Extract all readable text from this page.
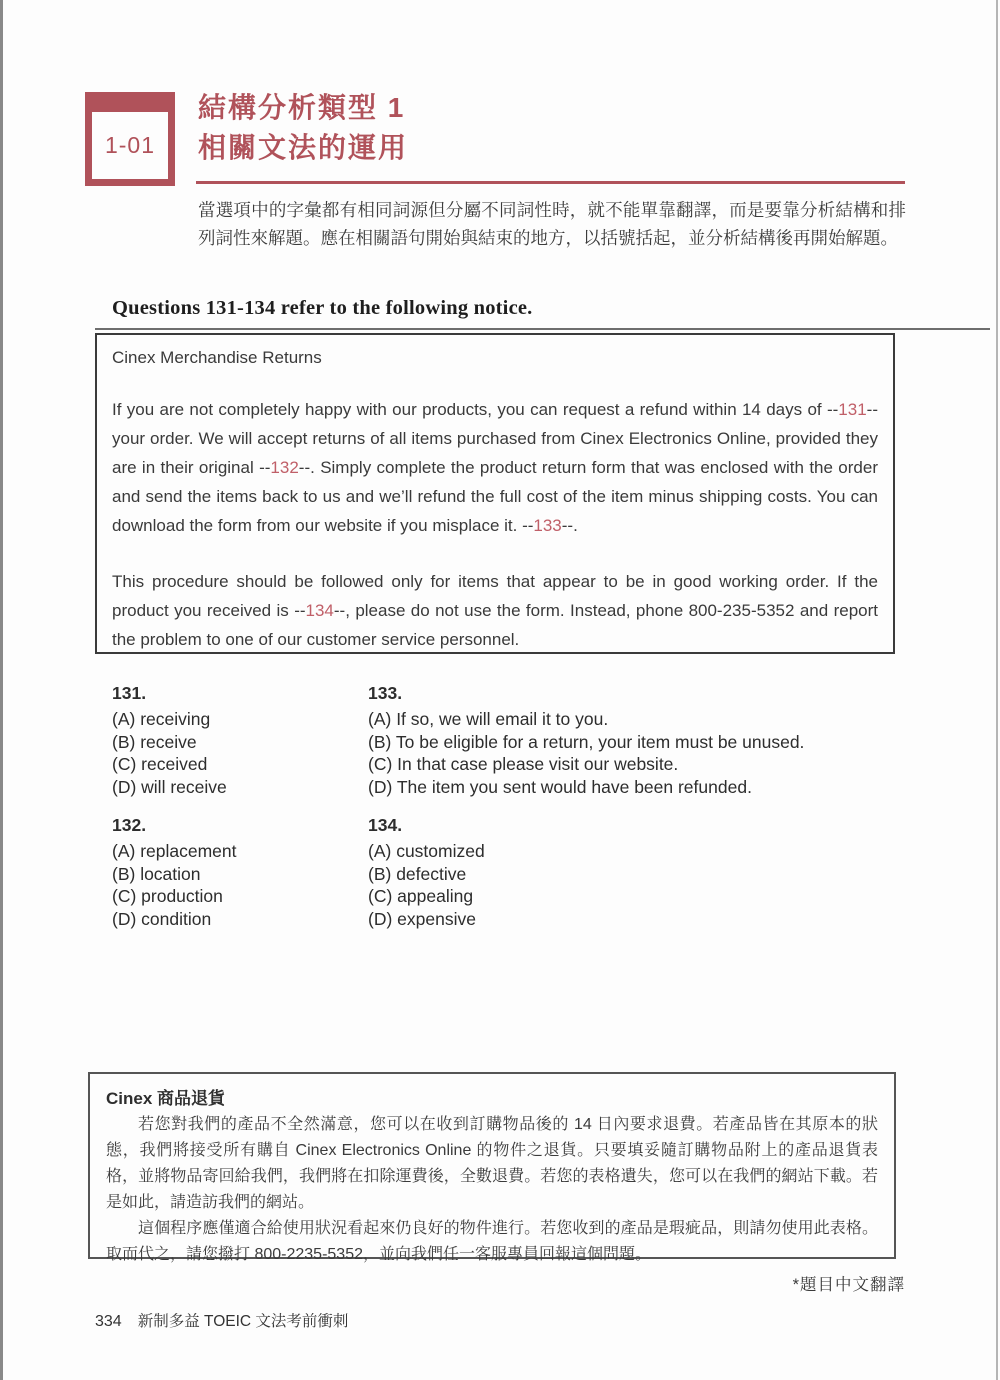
1-01
結構分析類型 1
相關文法的運用
當選項中的字彙都有相同詞源但分屬不同詞性時，就不能單靠翻譯，而是要靠分析結構和排列詞性來解題。應在相關語句開始與結束的地方，以括號括起，並分析結構後再開始解題。
Questions 131-134 refer to the following notice.
Cinex Merchandise Returns

If you are not completely happy with our products, you can request a refund within 14 days of --131-- your order. We will accept returns of all items purchased from Cinex Electronics Online, provided they are in their original --132--. Simply complete the product return form that was enclosed with the order and send the items back to us and we’ll refund the full cost of the item minus shipping costs. You can download the form from our website if you misplace it. --133--.

This procedure should be followed only for items that appear to be in good working order. If the product you received is --134--, please do not use the form. Instead, phone 800-235-5352 and report the problem to one of our customer service personnel.

131.
(A) receiving
(B) receive
(C) received
(D) will receive
133.
(A) If so, we will email it to you.
(B) To be eligible for a return, your item must be unused.
(C) In that case please visit our website.
(D) The item you sent would have been refunded.
132.
(A) replacement
(B) location
(C) production
(D) condition
134.
(A) customized
(B) defective
(C) appealing
(D) expensive
Cinex 商品退貨

若您對我們的產品不全然滿意，您可以在收到訂購物品後的 14 日內要求退費。若產品皆在其原本的狀態，我們將接受所有購自 Cinex Electronics Online 的物件之退貨。只要填妥隨訂購物品附上的產品退貨表格，並將物品寄回給我們，我們將在扣除運費後，全數退費。若您的表格遺失，您可以在我們的網站下載。若是如此，請造訪我們的網站。

這個程序應僅適合給使用狀況看起來仍良好的物件進行。若您收到的產品是瑕疵品，則請勿使用此表格。取而代之，請您撥打 800-2235-5352，並向我們任一客服專員回報這個問題。

*題目中文翻譯
334 新制多益 TOEIC 文法考前衝刺
